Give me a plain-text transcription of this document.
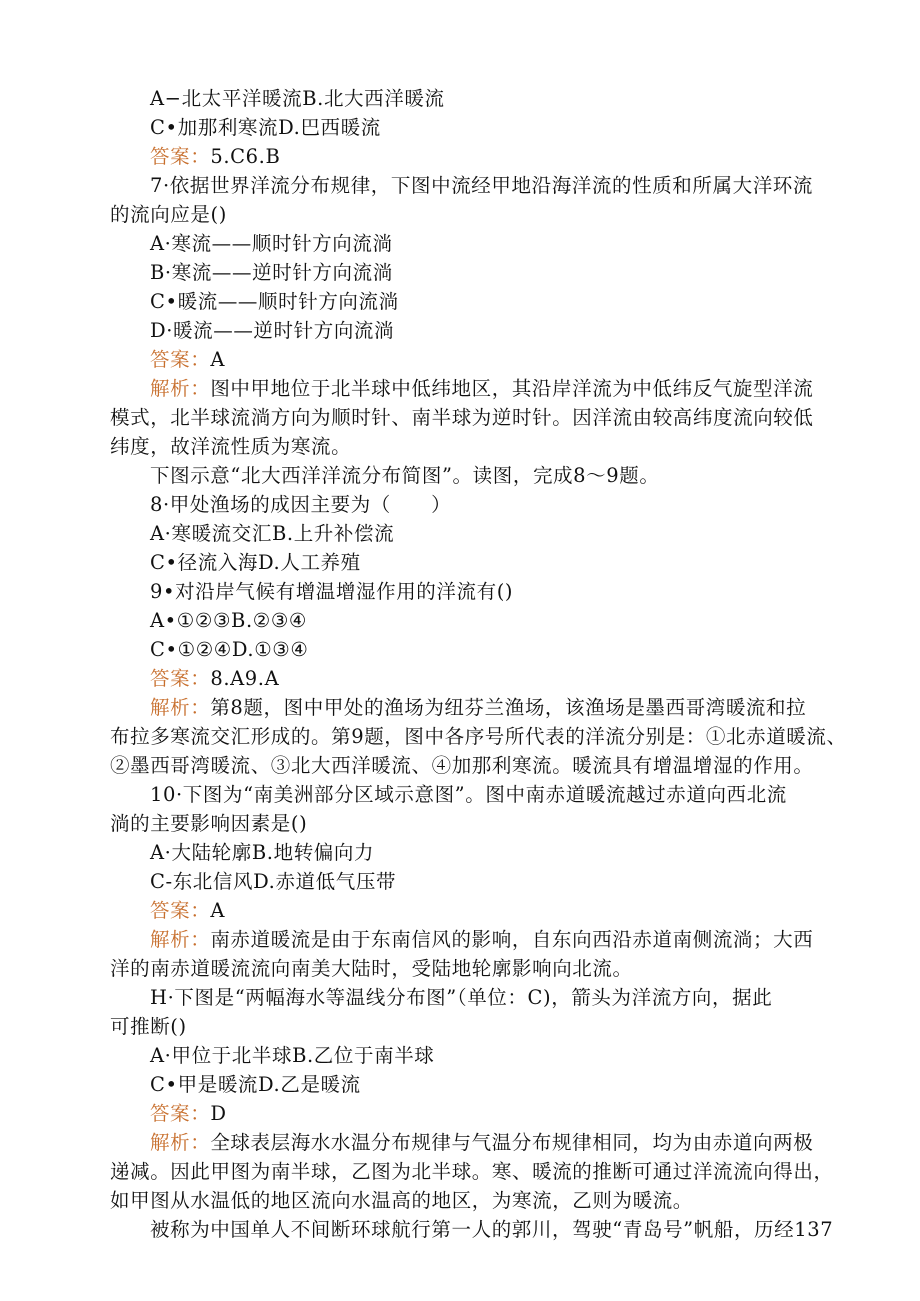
A−北太平洋暖流B.北大西洋暖流
C•加那利寒流D.巴西暖流
答案：5.C6.B
7·依据世界洋流分布规律，下图中流经甲地沿海洋流的性质和所属大洋环流
的流向应是()
A·寒流——顺时针方向流淌
B·寒流——逆时针方向流淌
C•暖流——顺时针方向流淌
D·暖流——逆时针方向流淌
答案：A
解析：图中甲地位于北半球中低纬地区，其沿岸洋流为中低纬反气旋型洋流
模式，北半球流淌方向为顺时针、南半球为逆时针。因洋流由较高纬度流向较低
纬度，故洋流性质为寒流。
下图示意“北大西洋洋流分布简图”。读图，完成8〜9题。
8·甲处渔场的成因主要为（　　）
A·寒暖流交汇B.上升补偿流
C•径流入海D.人工养殖
9•对沿岸气候有增温增湿作用的洋流有()
A•①②③B.②③④
C•①②④D.①③④
答案：8.A9.A
解析：第8题，图中甲处的渔场为纽芬兰渔场，该渔场是墨西哥湾暖流和拉
布拉多寒流交汇形成的。第9题，图中各序号所代表的洋流分别是：①北赤道暖流、
②墨西哥湾暖流、③北大西洋暖流、④加那利寒流。暖流具有增温增湿的作用。
10·下图为“南美洲部分区域示意图”。图中南赤道暖流越过赤道向西北流
淌的主要影响因素是()
A·大陆轮廓B.地转偏向力
C-东北信风D.赤道低气压带
答案：A
解析：南赤道暖流是由于东南信风的影响，自东向西沿赤道南侧流淌；大西
洋的南赤道暖流流向南美大陆时，受陆地轮廓影响向北流。
H·下图是“两幅海水等温线分布图”（单位：C)，箭头为洋流方向，据此
可推断()
A·甲位于北半球B.乙位于南半球
C•甲是暖流D.乙是暖流
答案：D
解析：全球表层海水水温分布规律与气温分布规律相同，均为由赤道向两极
递减。因此甲图为南半球，乙图为北半球。寒、暖流的推断可通过洋流流向得出，
如甲图从水温低的地区流向水温高的地区，为寒流，乙则为暖流。
被称为中国单人不间断环球航行第一人的郭川，驾驶“青岛号”帆船，历经137
